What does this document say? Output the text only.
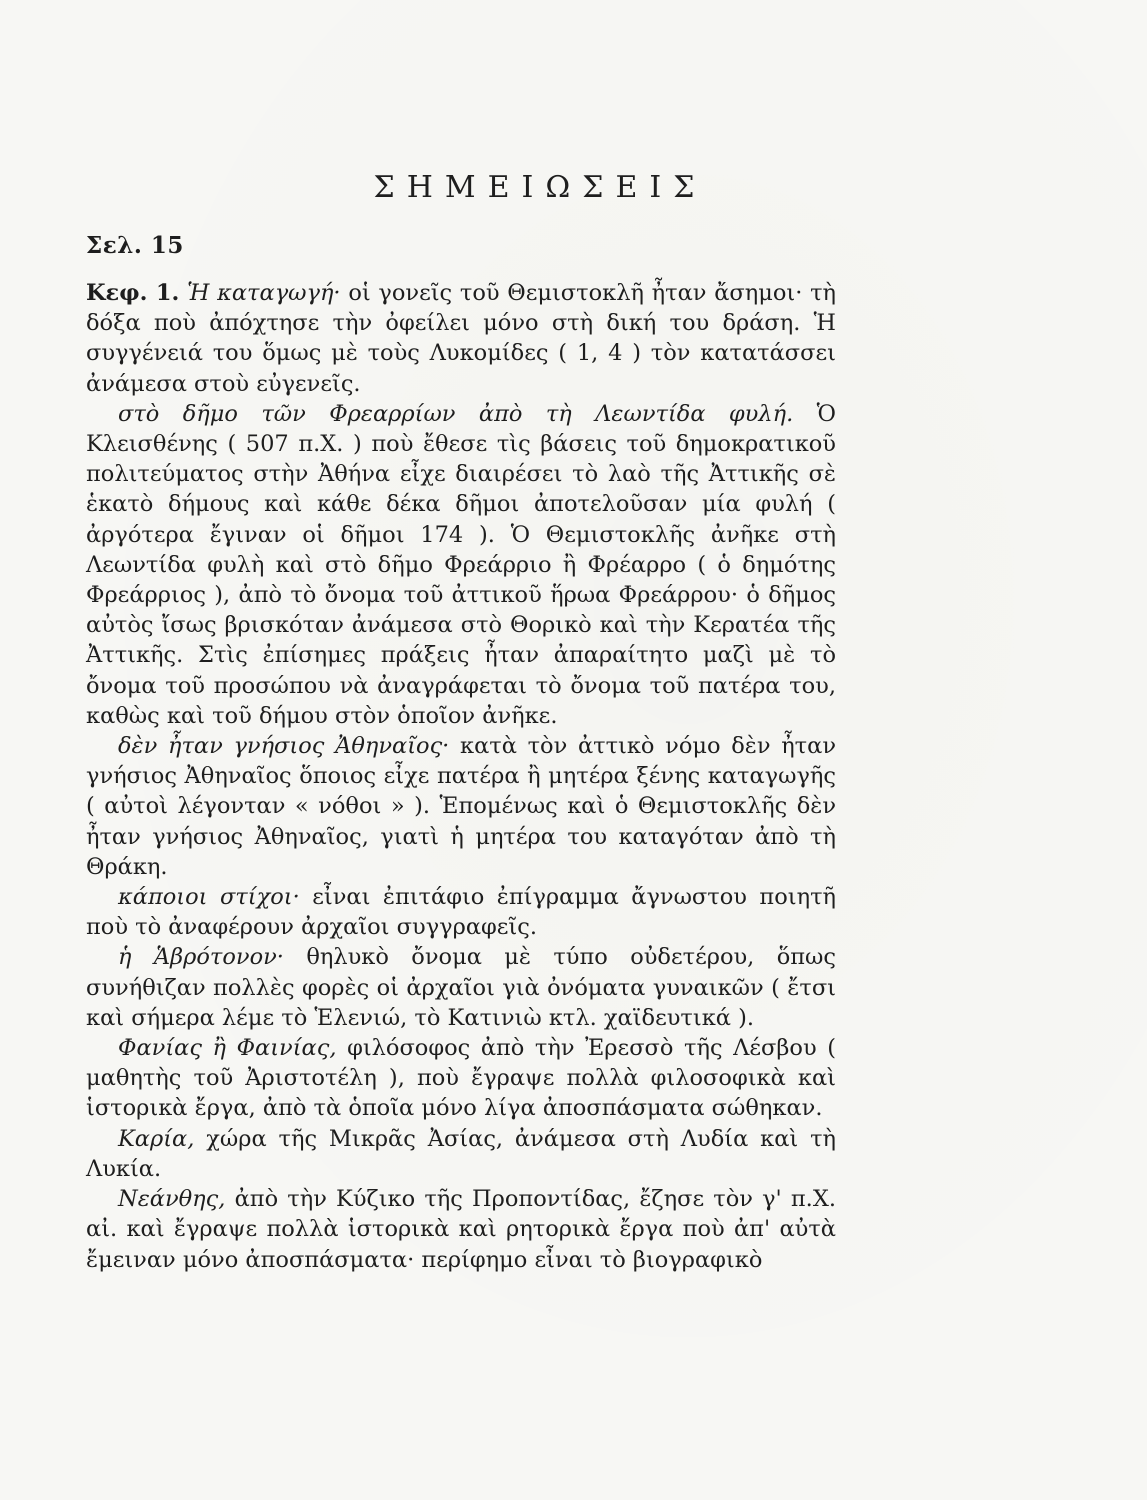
ΣΗΜΕΙΩΣΕΙΣ
Σελ. 15

Κεφ. 1. Ἡ καταγωγή· οἱ γονεῖς τοῦ Θεμιστοκλῆ ἦταν ἄσημοι· τὴ δόξα ποὺ ἀπόχτησε τὴν ὀφείλει μόνο στὴ δική του δράση. Ἡ συγγένειά του ὅμως μὲ τοὺς Λυκομίδες ( 1, 4 ) τὸν κατατάσσει ἀνάμεσα στοὺ εὐγενεῖς.

στὸ δῆμο τῶν Φρεαρρίων ἀπὸ τὴ Λεωντίδα φυλή. Ὁ Κλεισθένης ( 507 π.Χ. ) ποὺ ἔθεσε τὶς βάσεις τοῦ δημοκρατικοῦ πολιτεύματος στὴν Ἀθήνα εἶχε διαιρέσει τὸ λαὸ τῆς Ἀττικῆς σὲ ἑκατὸ δήμους καὶ κάθε δέκα δῆμοι ἀποτελοῦσαν μία φυλή ( ἀργότερα ἔγιναν οἱ δῆμοι 174 ). Ὁ Θεμιστοκλῆς ἀνῆκε στὴ Λεωντίδα φυλὴ καὶ στὸ δῆμο Φρεάρριο ἢ Φρέαρρο ( ὁ δημότης Φρεάρριος ), ἀπὸ τὸ ὄνομα τοῦ ἀττικοῦ ἥρωα Φρεάρρου· ὁ δῆμος αὐτὸς ἴσως βρισκόταν ἀνάμεσα στὸ Θορικὸ καὶ τὴν Κερατέα τῆς Ἀττικῆς. Στὶς ἐπίσημες πράξεις ἦταν ἀπαραίτητο μαζὶ μὲ τὸ ὄνομα τοῦ προσώπου νὰ ἀναγράφεται τὸ ὄνομα τοῦ πατέρα του, καθὼς καὶ τοῦ δήμου στὸν ὁποῖον ἀνῆκε.

δὲν ἦταν γνήσιος Ἀθηναῖος· κατὰ τὸν ἀττικὸ νόμο δὲν ἦταν γνήσιος Ἀθηναῖος ὅποιος εἶχε πατέρα ἢ μητέρα ξένης καταγωγῆς ( αὐτοὶ λέγονταν « νόθοι » ). Ἑπομένως καὶ ὁ Θεμιστοκλῆς δὲν ἦταν γνήσιος Ἀθηναῖος, γιατὶ ἡ μητέρα του καταγόταν ἀπὸ τὴ Θράκη.

κάποιοι στίχοι· εἶναι ἐπιτάφιο ἐπίγραμμα ἄγνωστου ποιητῆ ποὺ τὸ ἀναφέρουν ἀρχαῖοι συγγραφεῖς.

ἡ Ἁβρότονον· θηλυκὸ ὄνομα μὲ τύπο οὐδετέρου, ὅπως συνήθιζαν πολλὲς φορὲς οἱ ἀρχαῖοι γιὰ ὀνόματα γυναικῶν ( ἔτσι καὶ σήμερα λέμε τὸ Ἑλενιώ, τὸ Κατινιὼ κτλ. χαϊδευτικά ).

Φανίας ἢ Φαινίας, φιλόσοφος ἀπὸ τὴν Ἐρεσσὸ τῆς Λέσβου ( μαθητὴς τοῦ Ἀριστοτέλη ), ποὺ ἔγραψε πολλὰ φιλοσοφικὰ καὶ ἱστορικὰ ἔργα, ἀπὸ τὰ ὁποῖα μόνο λίγα ἀποσπάσματα σώθηκαν.

Καρία, χώρα τῆς Μικρᾶς Ἀσίας, ἀνάμεσα στὴ Λυδία καὶ τὴ Λυκία.

Νεάνθης, ἀπὸ τὴν Κύζικο τῆς Προποντίδας, ἔζησε τὸν γ' π.Χ. αἰ. καὶ ἔγραψε πολλὰ ἱστορικὰ καὶ ρητορικὰ ἔργα ποὺ ἀπ' αὐτὰ ἔμειναν μόνο ἀποσπάσματα· περίφημο εἶναι τὸ βιογραφικὸ
